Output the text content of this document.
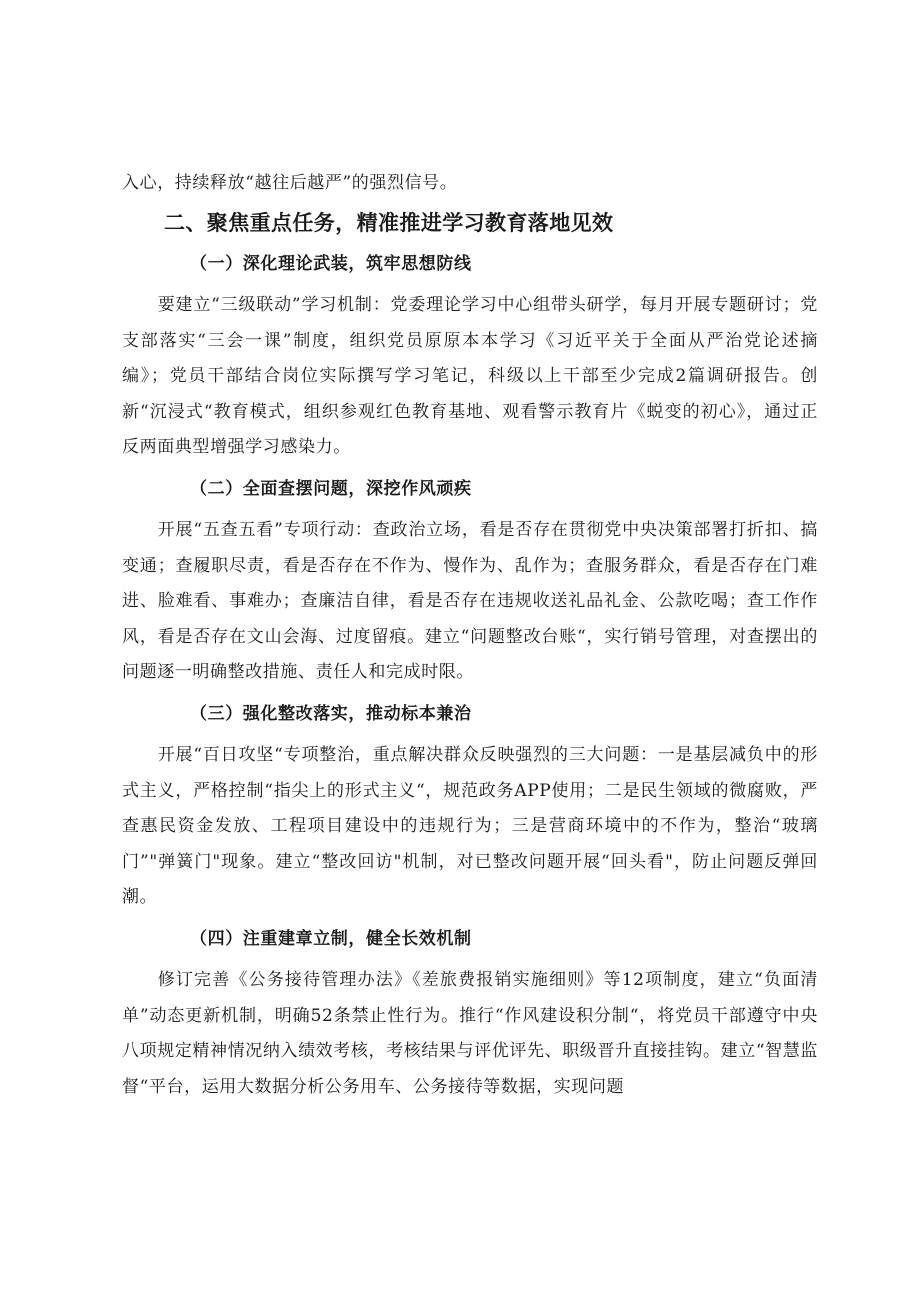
入心，持续释放“越往后越严”的强烈信号。

二、聚焦重点任务，精准推进学习教育落地见效
（一）深化理论武装，筑牢思想防线

要建立“三级联动”学习机制：党委理论学习中心组带头研学，每月开展专题研讨；党支部落实“三会一课”制度，组织党员原原本本学习《习近平关于全面从严治党论述摘编》；党员干部结合岗位实际撰写学习笔记，科级以上干部至少完成2篇调研报告。创新“沉浸式“教育模式，组织参观红色教育基地、观看警示教育片《蜕变的初心》，通过正反两面典型增强学习感染力。

（二）全面查摆问题，深挖作风顽疾

开展“五查五看”专项行动：查政治立场，看是否存在贯彻党中央决策部署打折扣、搞变通；查履职尽责，看是否存在不作为、慢作为、乱作为；查服务群众，看是否存在门难进、脸难看、事难办；查廉洁自律，看是否存在违规收送礼品礼金、公款吃喝；查工作作风，看是否存在文山会海、过度留痕。建立“问题整改台账“，实行销号管理，对查摆出的问题逐一明确整改措施、责任人和完成时限。

（三）强化整改落实，推动标本兼治

开展“百日攻坚“专项整治，重点解决群众反映强烈的三大问题：一是基层减负中的形式主义，严格控制“指尖上的形式主义“，规范政务APP使用；二是民生领域的微腐败，严查惠民资金发放、工程项目建设中的违规行为；三是营商环境中的不作为，整治“玻璃门”"弹簧门"现象。建立“整改回访"机制，对已整改问题开展“回头看"，防止问题反弹回潮。

（四）注重建章立制，健全长效机制

修订完善《公务接待管理办法》《差旅费报销实施细则》等12项制度，建立“负面清单”动态更新机制，明确52条禁止性行为。推行“作风建设积分制“，将党员干部遵守中央八项规定精神情况纳入绩效考核，考核结果与评优评先、职级晋升直接挂钩。建立“智慧监督“平台，运用大数据分析公务用车、公务接待等数据，实现问题
